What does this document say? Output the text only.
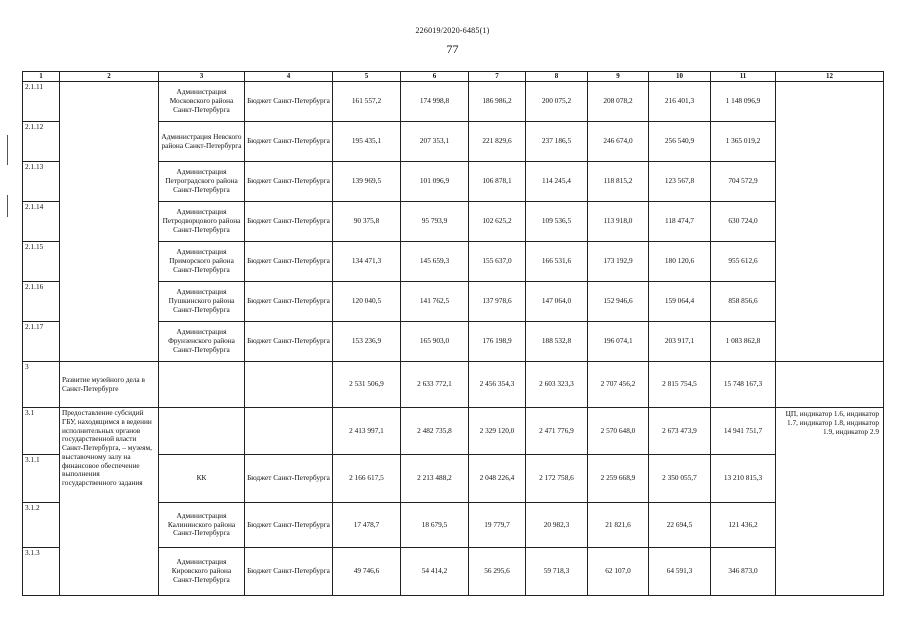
226019/2020-6485(1)
77
1	2	3	4	5	6	7	8	9	10	11	12
2.1.11		Администрация Московского района Санкт-Петербурга	Бюджет Санкт-Петербурга	161 557,2	174 998,8	186 986,2	200 075,2	208 078,2	216 401,3	1 148 096,9	
2.1.12		Администрация Невского района Санкт-Петербурга	Бюджет Санкт-Петербурга	195 435,1	207 353,1	221 829,6	237 186,5	246 674,0	256 540,9	1 365 019,2	
2.1.13		Администрация Петроградского района Санкт-Петербурга	Бюджет Санкт-Петербурга	139 969,5	101 096,9	106 878,1	114 245,4	118 815,2	123 567,8	704 572,9	
2.1.14		Администрация Петродворцового района Санкт-Петербурга	Бюджет Санкт-Петербурга	90 375,8	95 793,9	102 625,2	109 536,5	113 918,0	118 474,7	630 724,0	
2.1.15		Администрация Приморского района Санкт-Петербурга	Бюджет Санкт-Петербурга	134 471,3	145 659,3	155 637,0	166 531,6	173 192,9	180 120,6	955 612,6	
2.1.16		Администрация Пушкинского района Санкт-Петербурга	Бюджет Санкт-Петербурга	120 040,5	141 762,5	137 978,6	147 064,0	152 946,6	159 064,4	858 856,6	
2.1.17		Администрация Фрунзенского района Санкт-Петербурга	Бюджет Санкт-Петербурга	153 236,9	165 903,0	176 198,9	188 532,8	196 074,1	203 917,1	1 083 862,8	
3	Развитие музейного дела в Санкт-Петербурге			2 531 506,9	2 633 772,1	2 456 354,3	2 603 323,3	2 707 456,2	2 815 754,5	15 748 167,3	
3.1	Предоставление субсидий ГБУ, находящимся в ведении исполнительных органов государственной власти Санкт-Петербурга, – музеям, выставочному залу на финансовое обеспечение выполнения государственного задания			2 413 997,1	2 482 735,8	2 329 120,0	2 471 776,9	2 570 648,0	2 673 473,9	14 941 751,7	ЦП, индикатор 1.6, индикатор 1.7, индикатор 1.8, индикатор 1.9, индикатор 2.9
3.1.1		КК	Бюджет Санкт-Петербурга	2 166 617,5	2 213 488,2	2 048 226,4	2 172 758,6	2 259 668,9	2 350 055,7	13 210 815,3	
3.1.2		Администрация Калининского района Санкт-Петербурга	Бюджет Санкт-Петербурга	17 478,7	18 679,5	19 779,7	20 982,3	21 821,6	22 694,5	121 436,2	
3.1.3		Администрация Кировского района Санкт-Петербурга	Бюджет Санкт-Петербурга	49 746,6	54 414,2	56 295,6	59 718,3	62 107,0	64 591,3	346 873,0	
